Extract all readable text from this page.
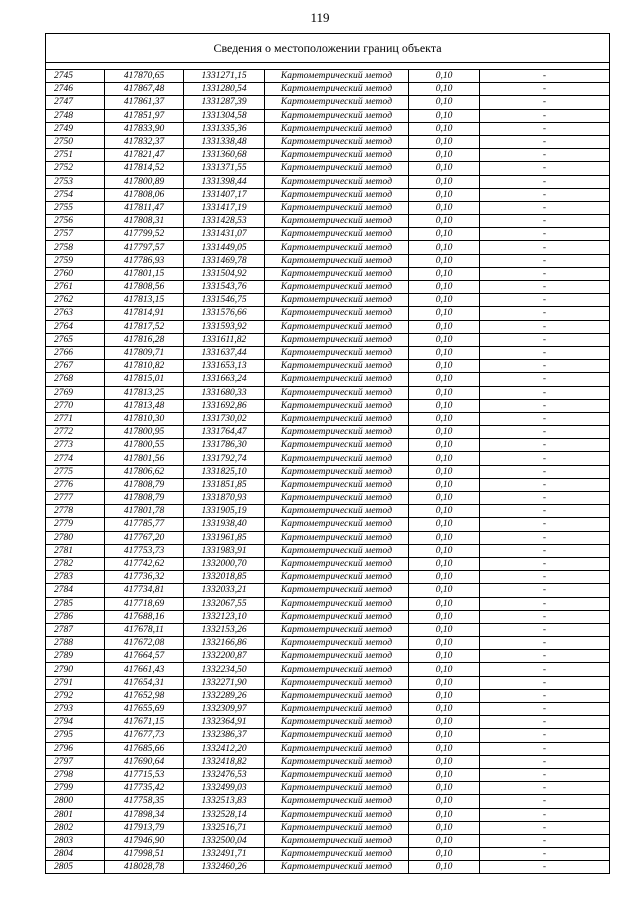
119
Сведения о местоположении границ объекта
2745	417870,65	1331271,15	Картометрический метод	0,10	-
2746	417867,48	1331280,54	Картометрический метод	0,10	-
2747	417861,37	1331287,39	Картометрический метод	0,10	-
2748	417851,97	1331304,58	Картометрический метод	0,10	-
2749	417833,90	1331335,36	Картометрический метод	0,10	-
2750	417832,37	1331338,48	Картометрический метод	0,10	-
2751	417821,47	1331360,68	Картометрический метод	0,10	-
2752	417814,52	1331371,55	Картометрический метод	0,10	-
2753	417800,89	1331398,44	Картометрический метод	0,10	-
2754	417808,06	1331407,17	Картометрический метод	0,10	-
2755	417811,47	1331417,19	Картометрический метод	0,10	-
2756	417808,31	1331428,53	Картометрический метод	0,10	-
2757	417799,52	1331431,07	Картометрический метод	0,10	-
2758	417797,57	1331449,05	Картометрический метод	0,10	-
2759	417786,93	1331469,78	Картометрический метод	0,10	-
2760	417801,15	1331504,92	Картометрический метод	0,10	-
2761	417808,56	1331543,76	Картометрический метод	0,10	-
2762	417813,15	1331546,75	Картометрический метод	0,10	-
2763	417814,91	1331576,66	Картометрический метод	0,10	-
2764	417817,52	1331593,92	Картометрический метод	0,10	-
2765	417816,28	1331611,82	Картометрический метод	0,10	-
2766	417809,71	1331637,44	Картометрический метод	0,10	-
2767	417810,82	1331653,13	Картометрический метод	0,10	-
2768	417815,01	1331663,24	Картометрический метод	0,10	-
2769	417813,25	1331680,33	Картометрический метод	0,10	-
2770	417813,48	1331692,86	Картометрический метод	0,10	-
2771	417810,30	1331730,02	Картометрический метод	0,10	-
2772	417800,95	1331764,47	Картометрический метод	0,10	-
2773	417800,55	1331786,30	Картометрический метод	0,10	-
2774	417801,56	1331792,74	Картометрический метод	0,10	-
2775	417806,62	1331825,10	Картометрический метод	0,10	-
2776	417808,79	1331851,85	Картометрический метод	0,10	-
2777	417808,79	1331870,93	Картометрический метод	0,10	-
2778	417801,78	1331905,19	Картометрический метод	0,10	-
2779	417785,77	1331938,40	Картометрический метод	0,10	-
2780	417767,20	1331961,85	Картометрический метод	0,10	-
2781	417753,73	1331983,91	Картометрический метод	0,10	-
2782	417742,62	1332000,70	Картометрический метод	0,10	-
2783	417736,32	1332018,85	Картометрический метод	0,10	-
2784	417734,81	1332033,21	Картометрический метод	0,10	-
2785	417718,69	1332067,55	Картометрический метод	0,10	-
2786	417688,16	1332123,10	Картометрический метод	0,10	-
2787	417678,11	1332153,26	Картометрический метод	0,10	-
2788	417672,08	1332166,86	Картометрический метод	0,10	-
2789	417664,57	1332200,87	Картометрический метод	0,10	-
2790	417661,43	1332234,50	Картометрический метод	0,10	-
2791	417654,31	1332271,90	Картометрический метод	0,10	-
2792	417652,98	1332289,26	Картометрический метод	0,10	-
2793	417655,69	1332309,97	Картометрический метод	0,10	-
2794	417671,15	1332364,91	Картометрический метод	0,10	-
2795	417677,73	1332386,37	Картометрический метод	0,10	-
2796	417685,66	1332412,20	Картометрический метод	0,10	-
2797	417690,64	1332418,82	Картометрический метод	0,10	-
2798	417715,53	1332476,53	Картометрический метод	0,10	-
2799	417735,42	1332499,03	Картометрический метод	0,10	-
2800	417758,35	1332513,83	Картометрический метод	0,10	-
2801	417898,34	1332528,14	Картометрический метод	0,10	-
2802	417913,79	1332516,71	Картометрический метод	0,10	-
2803	417946,90	1332500,04	Картометрический метод	0,10	-
2804	417998,51	1332491,71	Картометрический метод	0,10	-
2805	418028,78	1332460,26	Картометрический метод	0,10	-
